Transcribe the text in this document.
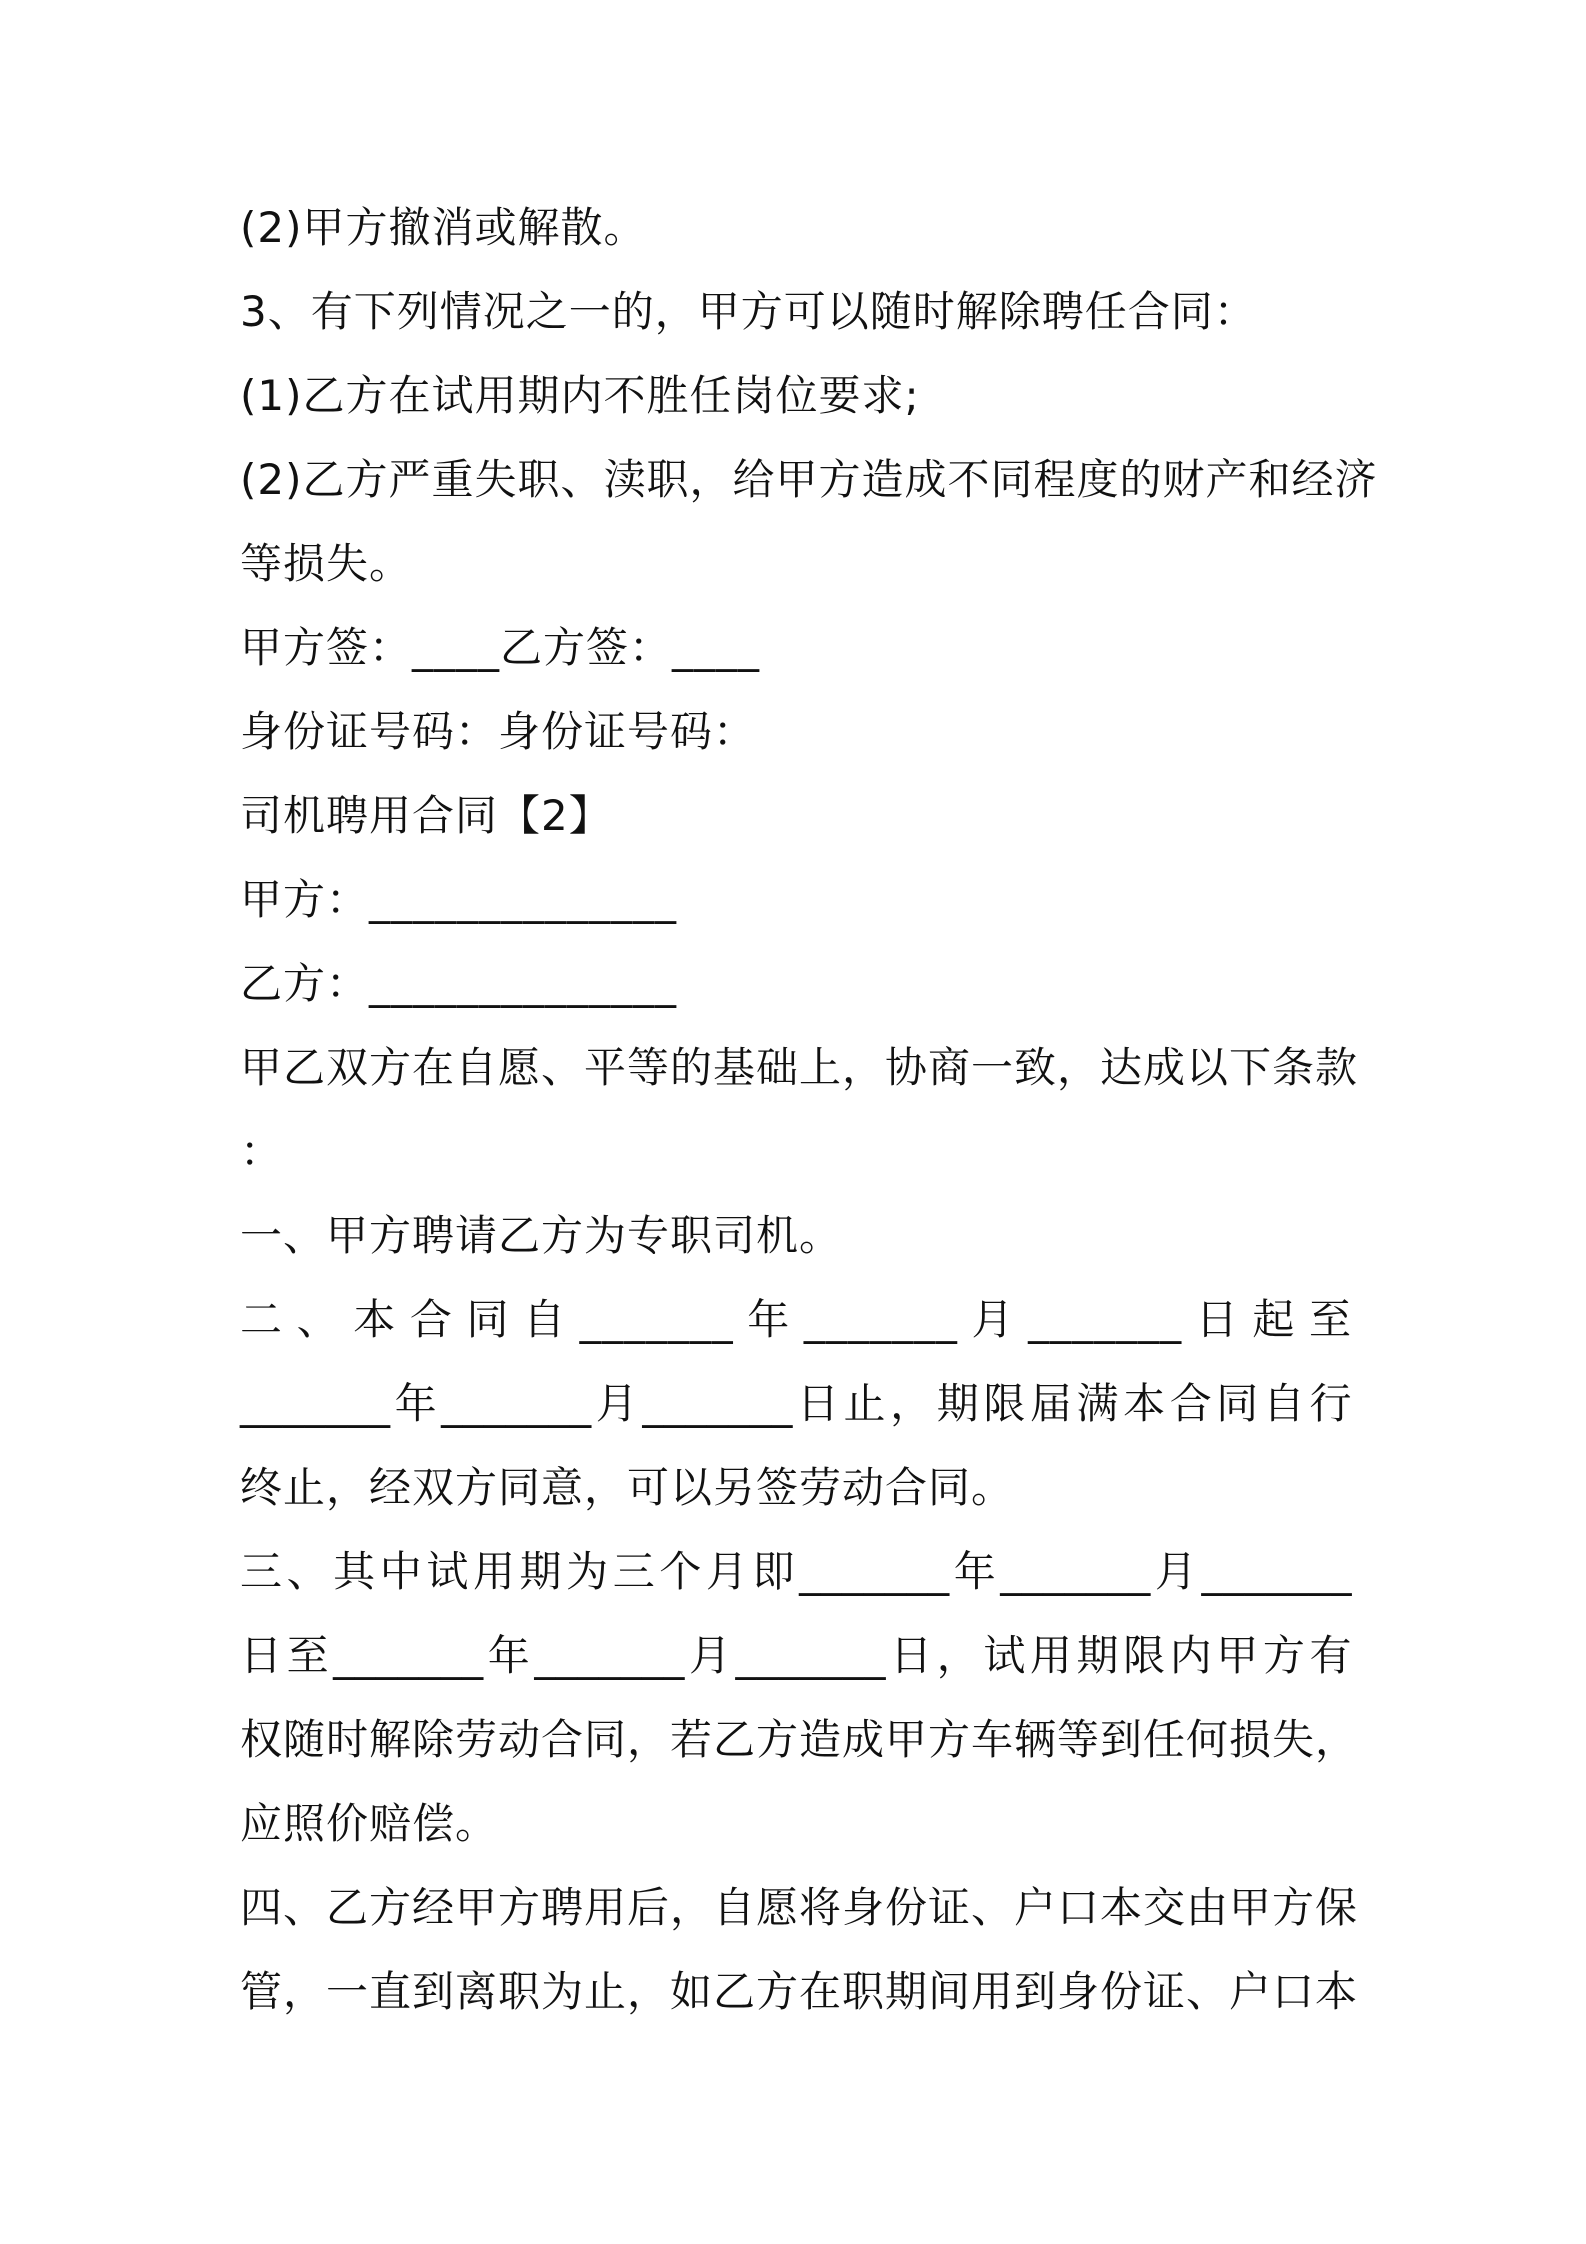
(2)甲方撤消或解散。
3、有下列情况之一的，甲方可以随时解除聘任合同：
(1)乙方在试用期内不胜任岗位要求;
(2)乙方严重失职、渎职，给甲方造成不同程度的财产和经济
等损失。
甲方签：____乙方签：____
身份证号码：身份证号码：
司机聘用合同【2】
甲方：______________
乙方：______________
甲乙双方在自愿、平等的基础上，协商一致，达成以下条款
：
一、甲方聘请乙方为专职司机。
二、本合同自_______年_______月_______日起至
_______年_______月_______日止，期限届满本合同自行
终止，经双方同意，可以另签劳动合同。
三、其中试用期为三个月即_______年_______月_______
日至_______年_______月_______日，试用期限内甲方有
权随时解除劳动合同，若乙方造成甲方车辆等到任何损失，
应照价赔偿。
四、乙方经甲方聘用后，自愿将身份证、户口本交由甲方保
管，一直到离职为止，如乙方在职期间用到身份证、户口本
